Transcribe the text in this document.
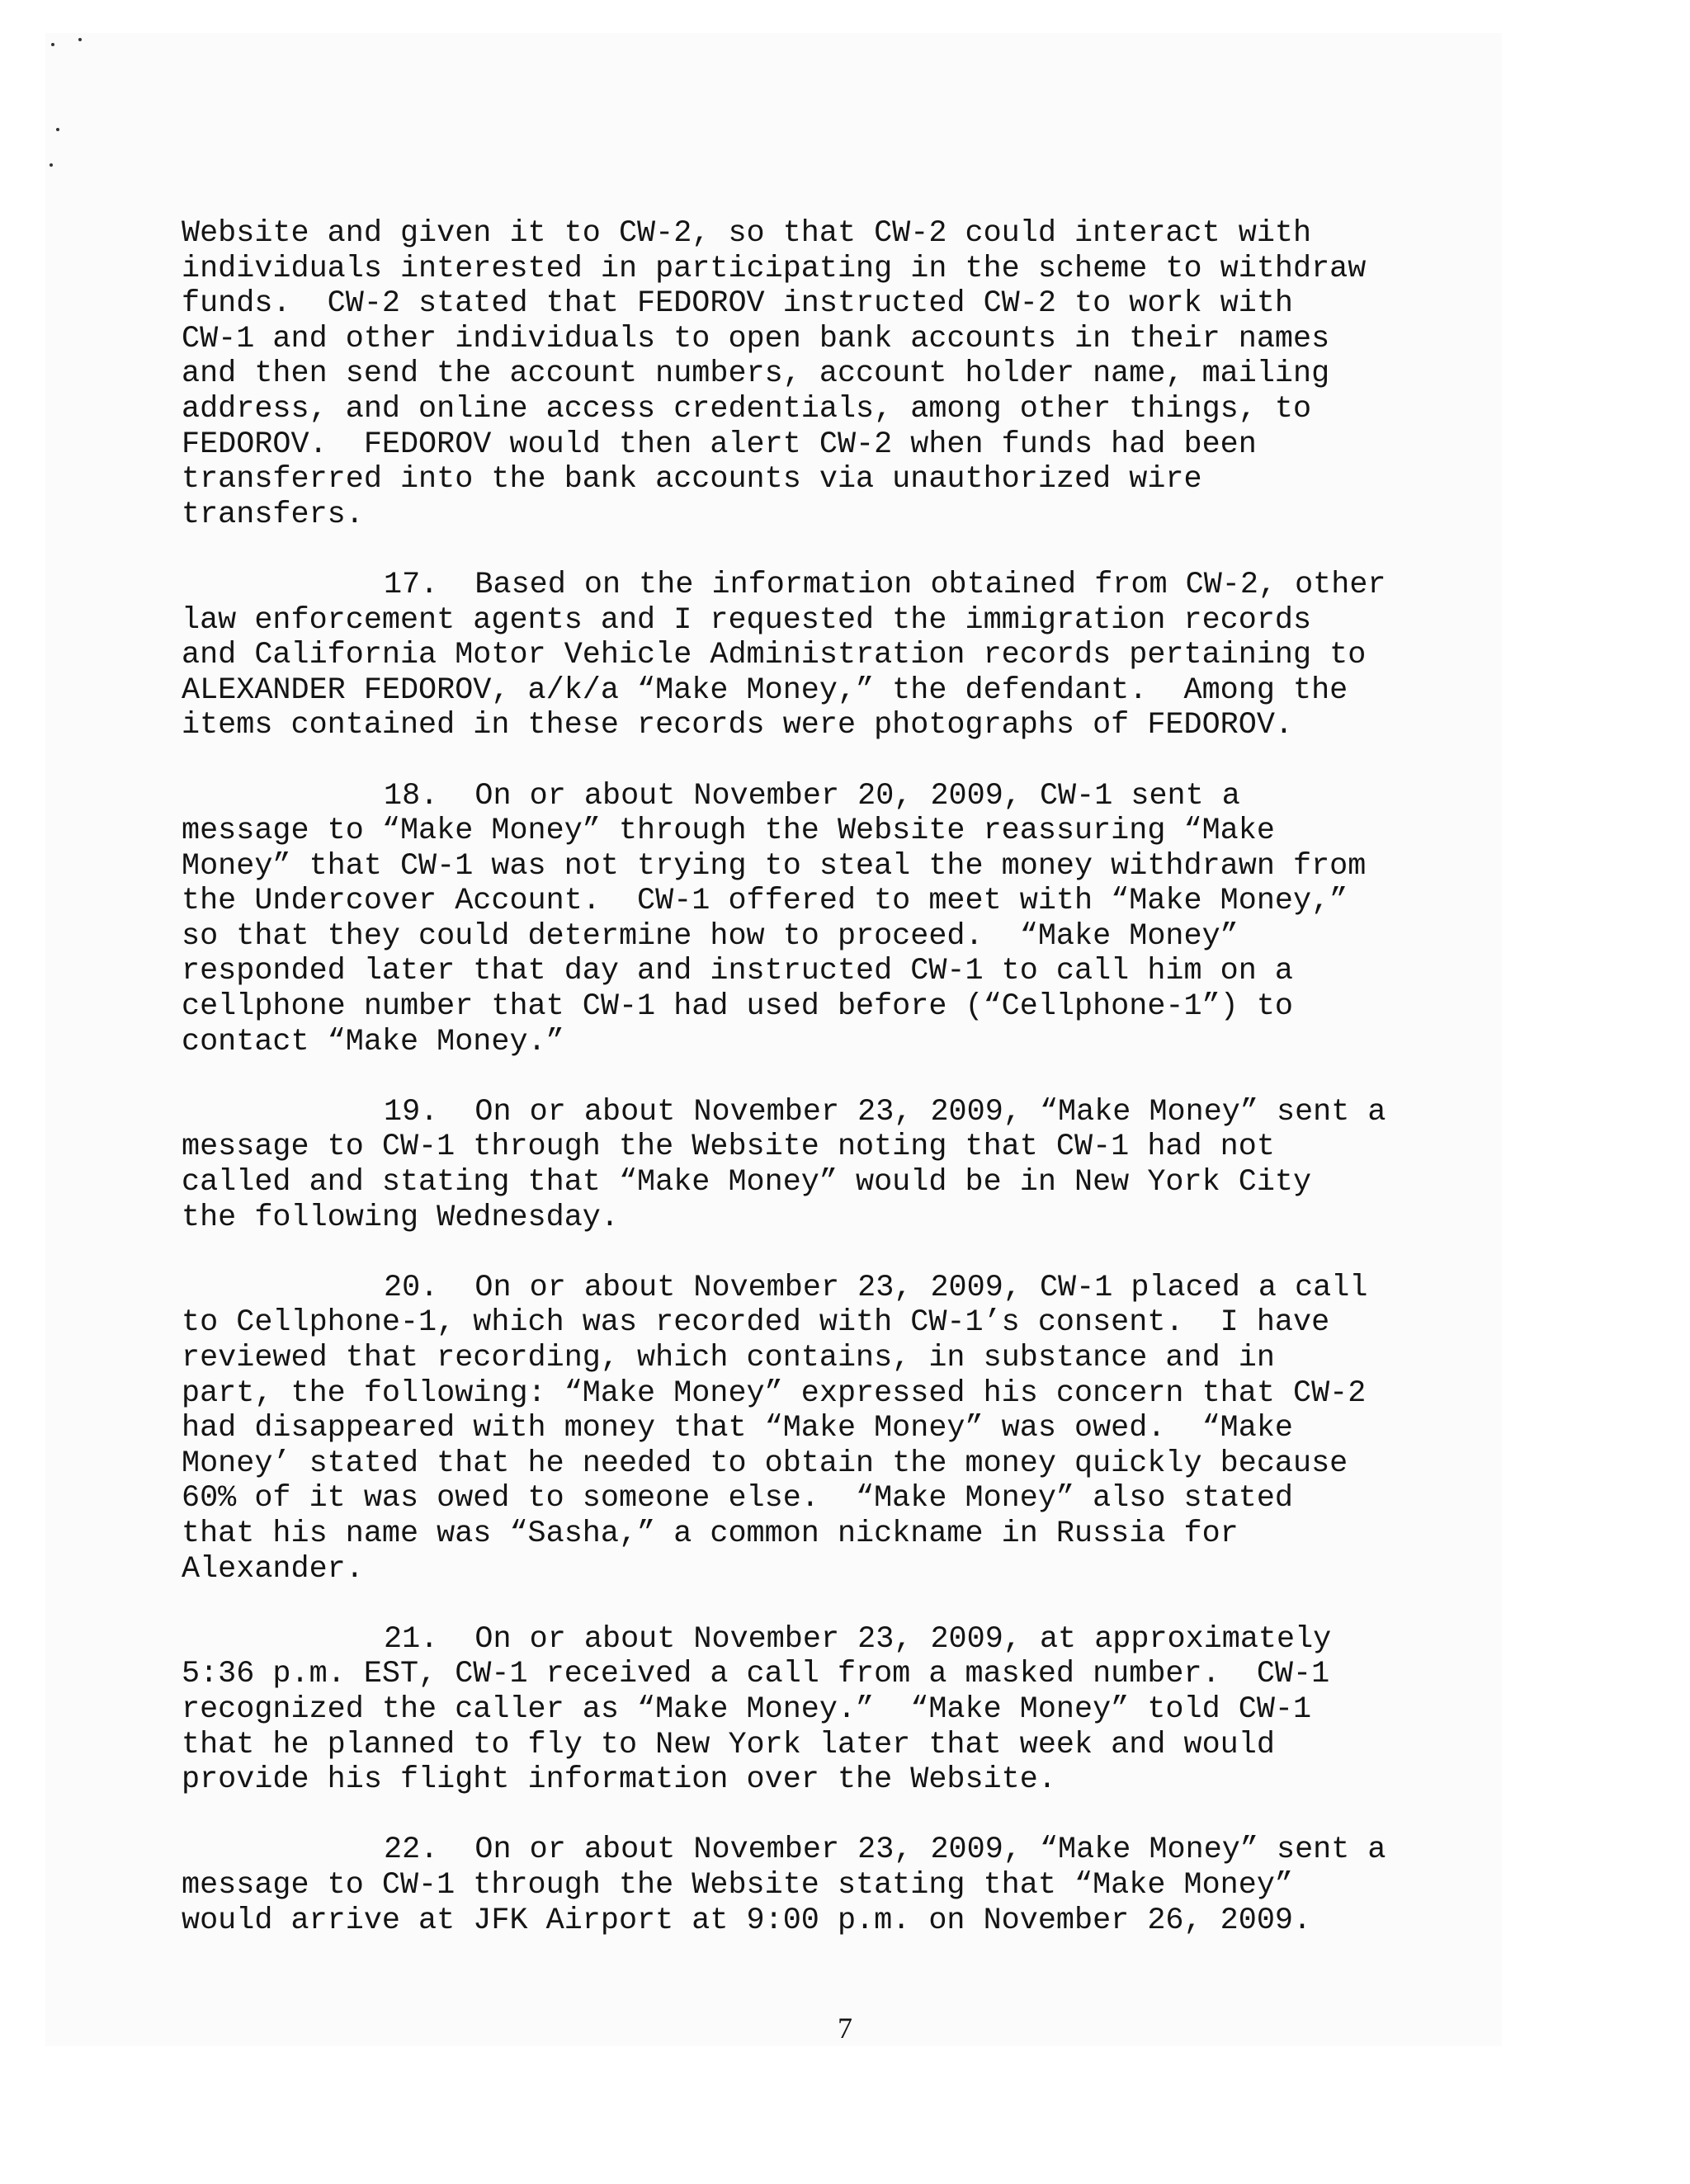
Website and given it to CW-2, so that CW-2 could interact with
individuals interested in participating in the scheme to withdraw
funds.  CW-2 stated that FEDOROV instructed CW-2 to work with
CW-1 and other individuals to open bank accounts in their names
and then send the account numbers, account holder name, mailing
address, and online access credentials, among other things, to
FEDOROV.  FEDOROV would then alert CW-2 when funds had been
transferred into the bank accounts via unauthorized wire
transfers.
17. Based on the information obtained from CW-2, other
law enforcement agents and I requested the immigration records
and California Motor Vehicle Administration records pertaining to
ALEXANDER FEDOROV, a/k/a “Make Money,” the defendant.  Among the
items contained in these records were photographs of FEDOROV.
18. On or about November 20, 2009, CW-1 sent a
message to “Make Money” through the Website reassuring “Make
Money” that CW-1 was not trying to steal the money withdrawn from
the Undercover Account.  CW-1 offered to meet with “Make Money,”
so that they could determine how to proceed.  “Make Money”
responded later that day and instructed CW-1 to call him on a
cellphone number that CW-1 had used before (“Cellphone-1”) to
contact “Make Money.”
19. On or about November 23, 2009, “Make Money” sent a
message to CW-1 through the Website noting that CW-1 had not
called and stating that “Make Money” would be in New York City
the following Wednesday.
20. On or about November 23, 2009, CW-1 placed a call
to Cellphone-1, which was recorded with CW-1’s consent.  I have
reviewed that recording, which contains, in substance and in
part, the following: “Make Money” expressed his concern that CW-2
had disappeared with money that “Make Money” was owed.  “Make
Money’ stated that he needed to obtain the money quickly because
60% of it was owed to someone else.  “Make Money” also stated
that his name was “Sasha,” a common nickname in Russia for
Alexander.
21. On or about November 23, 2009, at approximately
5:36 p.m. EST, CW-1 received a call from a masked number.  CW-1
recognized the caller as “Make Money.”  “Make Money” told CW-1
that he planned to fly to New York later that week and would
provide his flight information over the Website.
22. On or about November 23, 2009, “Make Money” sent a
message to CW-1 through the Website stating that “Make Money”
would arrive at JFK Airport at 9:00 p.m. on November 26, 2009.
7
